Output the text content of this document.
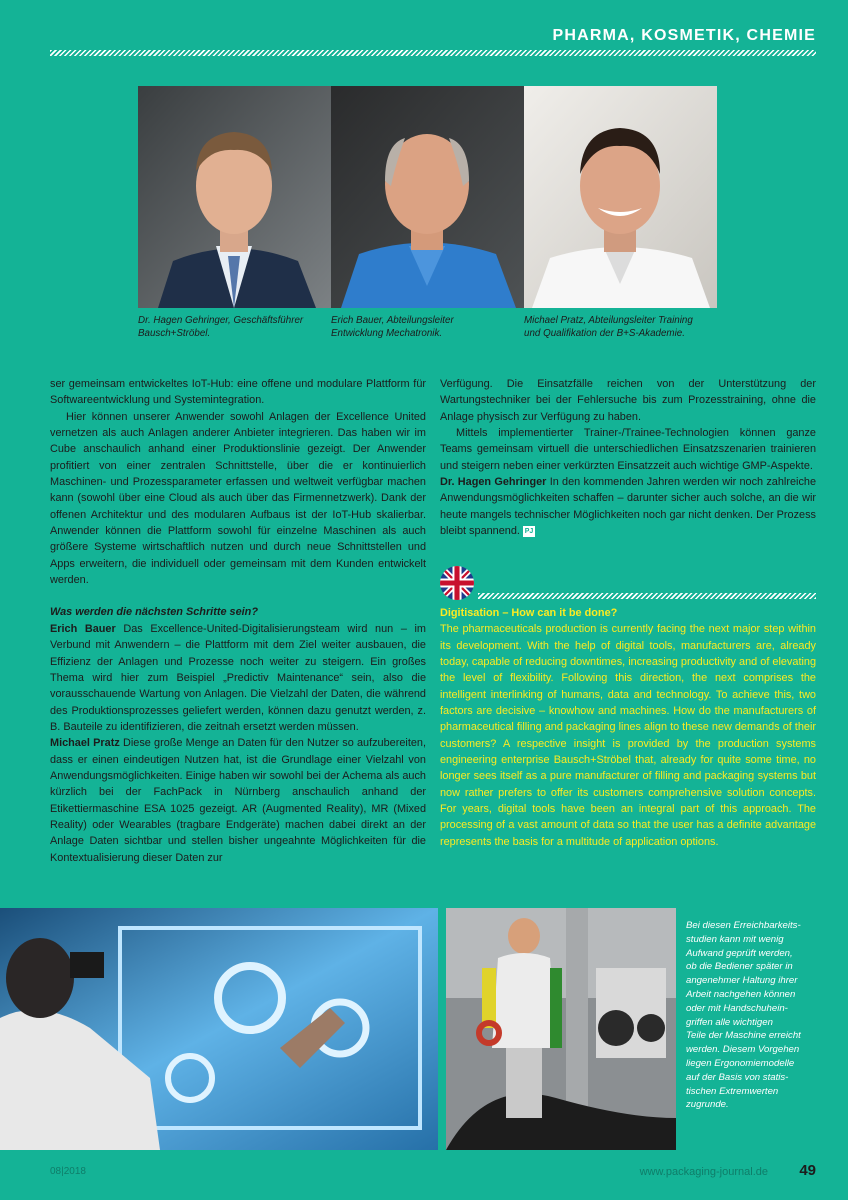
PHARMA, KOSMETIK, CHEMIE
Dr. Hagen Gehringer, Geschäftsführer
Bausch+Ströbel.
Erich Bauer, Abteilungsleiter
Entwicklung Mechatronik.
Michael Pratz, Abteilungsleiter Training
und Qualifikation der B+S-Akademie.

ser gemeinsam entwickeltes IoT-Hub: eine offene und modulare Plattform für Softwareentwicklung und Systemintegration.

Hier können unserer Anwender sowohl Anlagen der Excellence United vernetzen als auch Anlagen anderer Anbieter integrieren. Das haben wir im Cube anschaulich anhand einer Produktionslinie gezeigt. Der Anwender profitiert von einer zentralen Schnittstelle, über die er kontinuierlich Maschinen- und Prozessparameter erfassen und weltweit verfügbar machen kann (sowohl über eine Cloud als auch über das Firmennetzwerk). Dank der offenen Architektur und des modularen Aufbaus ist der IoT-Hub skalierbar. Anwender können die Plattform sowohl für einzelne Maschinen als auch größere Systeme wirtschaftlich nutzen und durch neue Schnittstellen und Apps erweitern, die individuell oder gemeinsam mit dem Kunden entwickelt werden.

Was werden die nächsten Schritte sein?

Erich Bauer Das Excellence-United-Digitalisierungsteam wird nun – im Verbund mit Anwendern – die Plattform mit dem Ziel weiter ausbauen, die Effizienz der Anlagen und Prozesse noch weiter zu steigern. Ein großes Thema wird hier zum Beispiel „Predictiv Maintenance“ sein, also die vorausschauende Wartung von Anlagen. Die Vielzahl der Daten, die während des Produktionsprozesses geliefert werden, können dazu genutzt werden, z. B. Bauteile zu identifizieren, die zeitnah ersetzt werden müssen.

Michael Pratz Diese große Menge an Daten für den Nutzer so aufzubereiten, dass er einen eindeutigen Nutzen hat, ist die Grundlage einer Vielzahl von Anwendungsmöglichkeiten. Einige haben wir sowohl bei der Achema als auch kürzlich bei der FachPack in Nürnberg anschaulich anhand der Etikettiermaschine ESA 1025 gezeigt. AR (Augmented Reality), MR (Mixed Reality) oder Wearables (tragbare Endgeräte) machen dabei direkt an der Anlage Daten sichtbar und stellen bisher ungeahnte Möglichkeiten für die Kontextualisierung dieser Daten zur

Verfügung. Die Einsatzfälle reichen von der Unterstützung der Wartungstechniker bei der Fehlersuche bis zum Prozesstraining, ohne die Anlage physisch zur Verfügung zu haben.

Mittels implementierter Trainer-/Trainee-Technologien können ganze Teams gemeinsam virtuell die unterschiedlichen Einsatzszenarien trainieren und steigern neben einer verkürzten Einsatzzeit auch wichtige GMP-Aspekte.

Dr. Hagen Gehringer In den kommenden Jahren werden wir noch zahlreiche Anwendungsmöglichkeiten schaffen – darunter sicher auch solche, an die wir heute mangels technischer Möglichkeiten noch gar nicht denken. Der Prozess bleibt spannend. PJ

Digitisation – How can it be done?

The pharmaceuticals production is currently facing the next major step within its development. With the help of digital tools, manufacturers are, already today, capable of reducing downtimes, increasing productivity and of elevating the level of flexibility. Following this direction, the next comprises the intelligent interlinking of humans, data and technology. To achieve this, two factors are decisive – knowhow and machines. How do the manufacturers of pharmaceutical filling and packaging lines align to these new demands of their customers? A respective insight is provided by the production systems engineering enterprise Bausch+Ströbel that, already for quite some time, no longer sees itself as a pure manufacturer of filling and packaging systems but now rather prefers to offer its customers comprehensive solution concepts. For years, digital tools have been an integral part of this approach. The processing of a vast amount of data so that the user has a definite advantage represents the basis for a multitude of application options.

Bei diesen Erreichbarkeits-
studien kann mit wenig
Aufwand geprüft werden,
ob die Bediener später in
angenehmer Haltung ihrer
Arbeit nachgehen können
oder mit Handschuhein-
griffen alle wichtigen
Teile der Maschine erreicht
werden. Diesem Vorgehen
liegen Ergonomiemodelle
auf der Basis von statis-
tischen Extremwerten
zugrunde.
08|2018	www.packaging-journal.de 49
